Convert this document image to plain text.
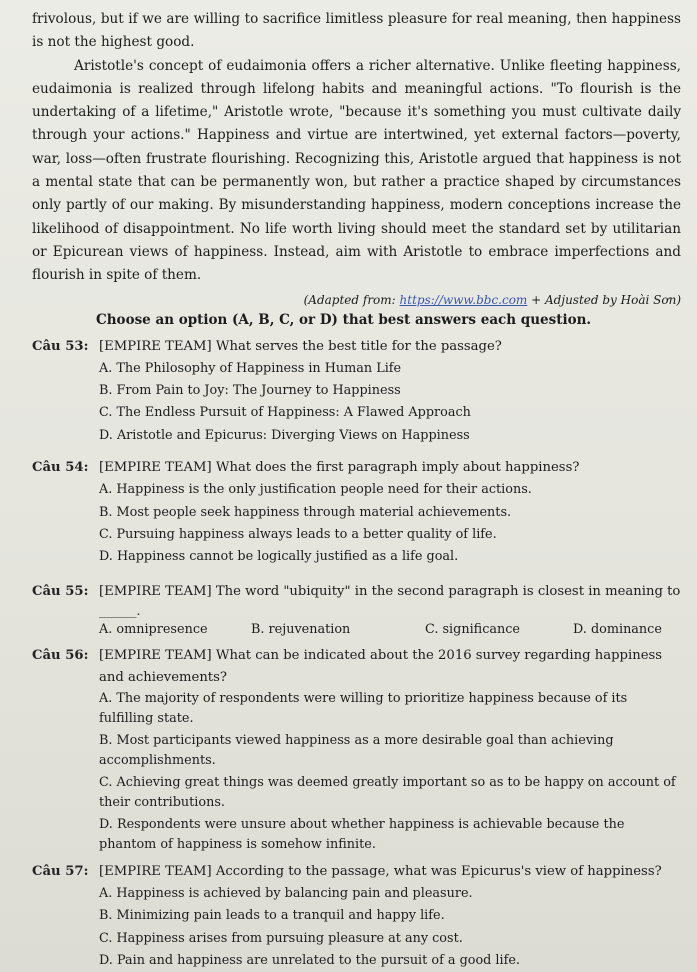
frivolous, but if we are willing to sacrifice limitless pleasure for real meaning, then happiness is not the highest good.

Aristotle's concept of eudaimonia offers a richer alternative. Unlike fleeting happiness, eudaimonia is realized through lifelong habits and meaningful actions. "To flourish is the undertaking of a lifetime," Aristotle wrote, "because it's something you must cultivate daily through your actions." Happiness and virtue are intertwined, yet external factors—poverty, war, loss—often frustrate flourishing. Recognizing this, Aristotle argued that happiness is not a mental state that can be permanently won, but rather a practice shaped by circumstances only partly of our making. By misunderstanding happiness, modern conceptions increase the likelihood of disappointment. No life worth living should meet the standard set by utilitarian or Epicurean views of happiness. Instead, aim with Aristotle to embrace imperfections and flourish in spite of them.

(Adapted from: https://www.bbc.com + Adjusted by Hoài Sơn)

Choose an option (A, B, C, or D) that best answers each question.

Câu 53: [EMPIRE TEAM] What serves the best title for the passage?
A. The Philosophy of Happiness in Human Life
B. From Pain to Joy: The Journey to Happiness
C. The Endless Pursuit of Happiness: A Flawed Approach
D. Aristotle and Epicurus: Diverging Views on Happiness
Câu 54: [EMPIRE TEAM] What does the first paragraph imply about happiness?
A. Happiness is the only justification people need for their actions.
B. Most people seek happiness through material achievements.
C. Pursuing happiness always leads to a better quality of life.
D. Happiness cannot be logically justified as a life goal.
Câu 55: [EMPIRE TEAM] The word "ubiquity" in the second paragraph is closest in meaning to
______.
A. omnipresence	B. rejuvenation	C. significance	D. dominance
Câu 56: [EMPIRE TEAM] What can be indicated about the 2016 survey regarding happiness and achievements?
A. The majority of respondents were willing to prioritize happiness because of its fulfilling state.
B. Most participants viewed happiness as a more desirable goal than achieving accomplishments.
C. Achieving great things was deemed greatly important so as to be happy on account of their contributions.
D. Respondents were unsure about whether happiness is achievable because the phantom of happiness is somehow infinite.
Câu 57: [EMPIRE TEAM] According to the passage, what was Epicurus's view of happiness?
A. Happiness is achieved by balancing pain and pleasure.
B. Minimizing pain leads to a tranquil and happy life.
C. Happiness arises from pursuing pleasure at any cost.
D. Pain and happiness are unrelated to the pursuit of a good life.
